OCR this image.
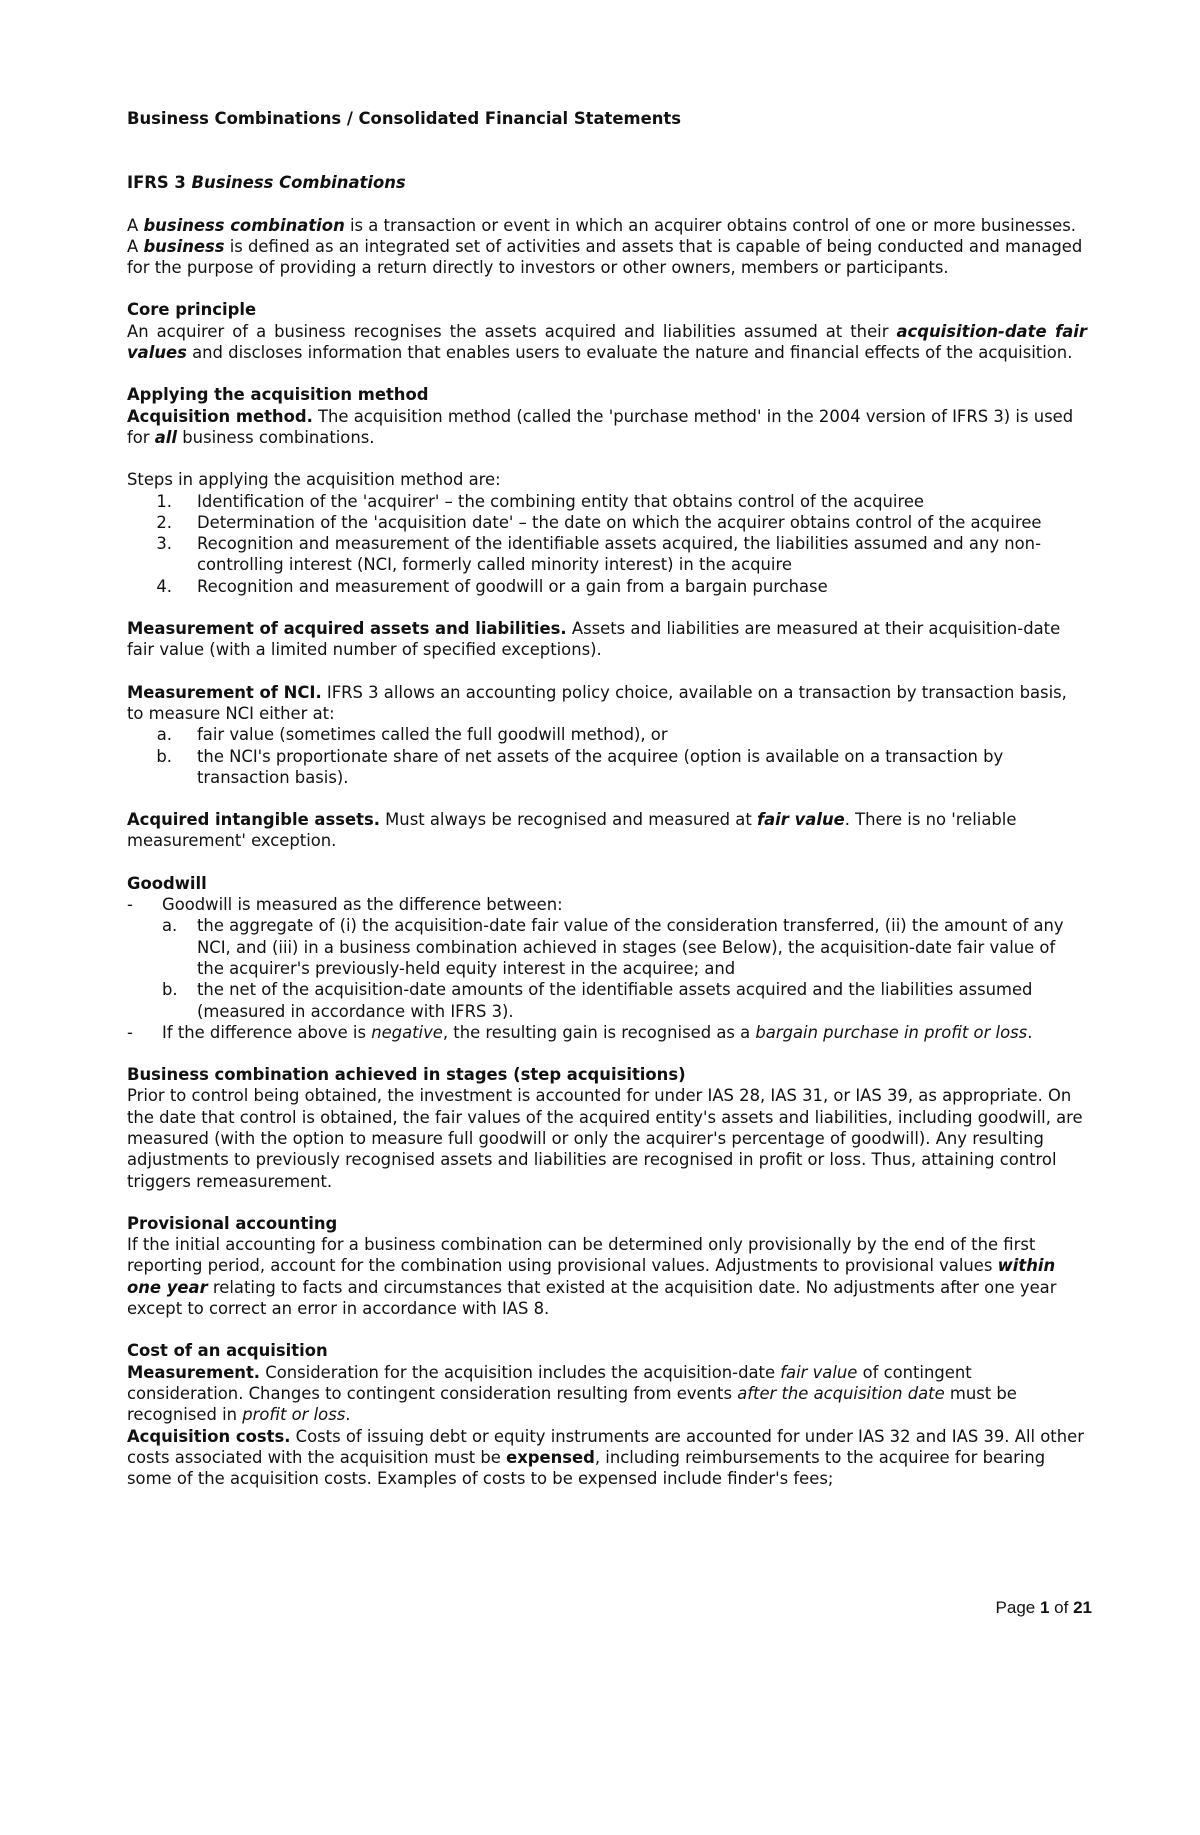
Business Combinations / Consolidated Financial Statements

IFRS 3 Business Combinations

A business combination is a transaction or event in which an acquirer obtains control of one or more businesses. A business is defined as an integrated set of activities and assets that is capable of being conducted and managed for the purpose of providing a return directly to investors or other owners, members or participants.

Core principle

An acquirer of a business recognises the assets acquired and liabilities assumed at their acquisition-date fair values and discloses information that enables users to evaluate the nature and financial effects of the acquisition.

Applying the acquisition method

Acquisition method. The acquisition method (called the 'purchase method' in the 2004 version of IFRS 3) is used for all business combinations.

Steps in applying the acquisition method are:

1.	Identification of the 'acquirer' – the combining entity that obtains control of the acquiree
2.	Determination of the 'acquisition date' – the date on which the acquirer obtains control of the acquiree
3.	Recognition and measurement of the identifiable assets acquired, the liabilities assumed and any non-controlling interest (NCI, formerly called minority interest) in the acquire
4.	Recognition and measurement of goodwill or a gain from a bargain purchase

Measurement of acquired assets and liabilities. Assets and liabilities are measured at their acquisition-date fair value (with a limited number of specified exceptions).

Measurement of NCI. IFRS 3 allows an accounting policy choice, available on a transaction by transaction basis, to measure NCI either at:

a.	fair value (sometimes called the full goodwill method), or
b.	the NCI's proportionate share of net assets of the acquiree (option is available on a transaction by transaction basis).

Acquired intangible assets. Must always be recognised and measured at fair value. There is no 'reliable measurement' exception.

Goodwill

-	Goodwill is measured as the difference between:
a.	the aggregate of (i) the acquisition-date fair value of the consideration transferred, (ii) the amount of any NCI, and (iii) in a business combination achieved in stages (see Below), the acquisition-date fair value of the acquirer's previously-held equity interest in the acquiree; and
b.	the net of the acquisition-date amounts of the identifiable assets acquired and the liabilities assumed (measured in accordance with IFRS 3).
-	If the difference above is negative, the resulting gain is recognised as a bargain purchase in profit or loss.

Business combination achieved in stages (step acquisitions)

Prior to control being obtained, the investment is accounted for under IAS 28, IAS 31, or IAS 39, as appropriate. On the date that control is obtained, the fair values of the acquired entity's assets and liabilities, including goodwill, are measured (with the option to measure full goodwill or only the acquirer's percentage of goodwill). Any resulting adjustments to previously recognised assets and liabilities are recognised in profit or loss. Thus, attaining control triggers remeasurement.

Provisional accounting

If the initial accounting for a business combination can be determined only provisionally by the end of the first reporting period, account for the combination using provisional values. Adjustments to provisional values within one year relating to facts and circumstances that existed at the acquisition date. No adjustments after one year except to correct an error in accordance with IAS 8.

Cost of an acquisition

Measurement. Consideration for the acquisition includes the acquisition-date fair value of contingent consideration. Changes to contingent consideration resulting from events after the acquisition date must be recognised in profit or loss.

Acquisition costs. Costs of issuing debt or equity instruments are accounted for under IAS 32 and IAS 39. All other costs associated with the acquisition must be expensed, including reimbursements to the acquiree for bearing some of the acquisition costs. Examples of costs to be expensed include finder's fees;

Page 1 of 21
